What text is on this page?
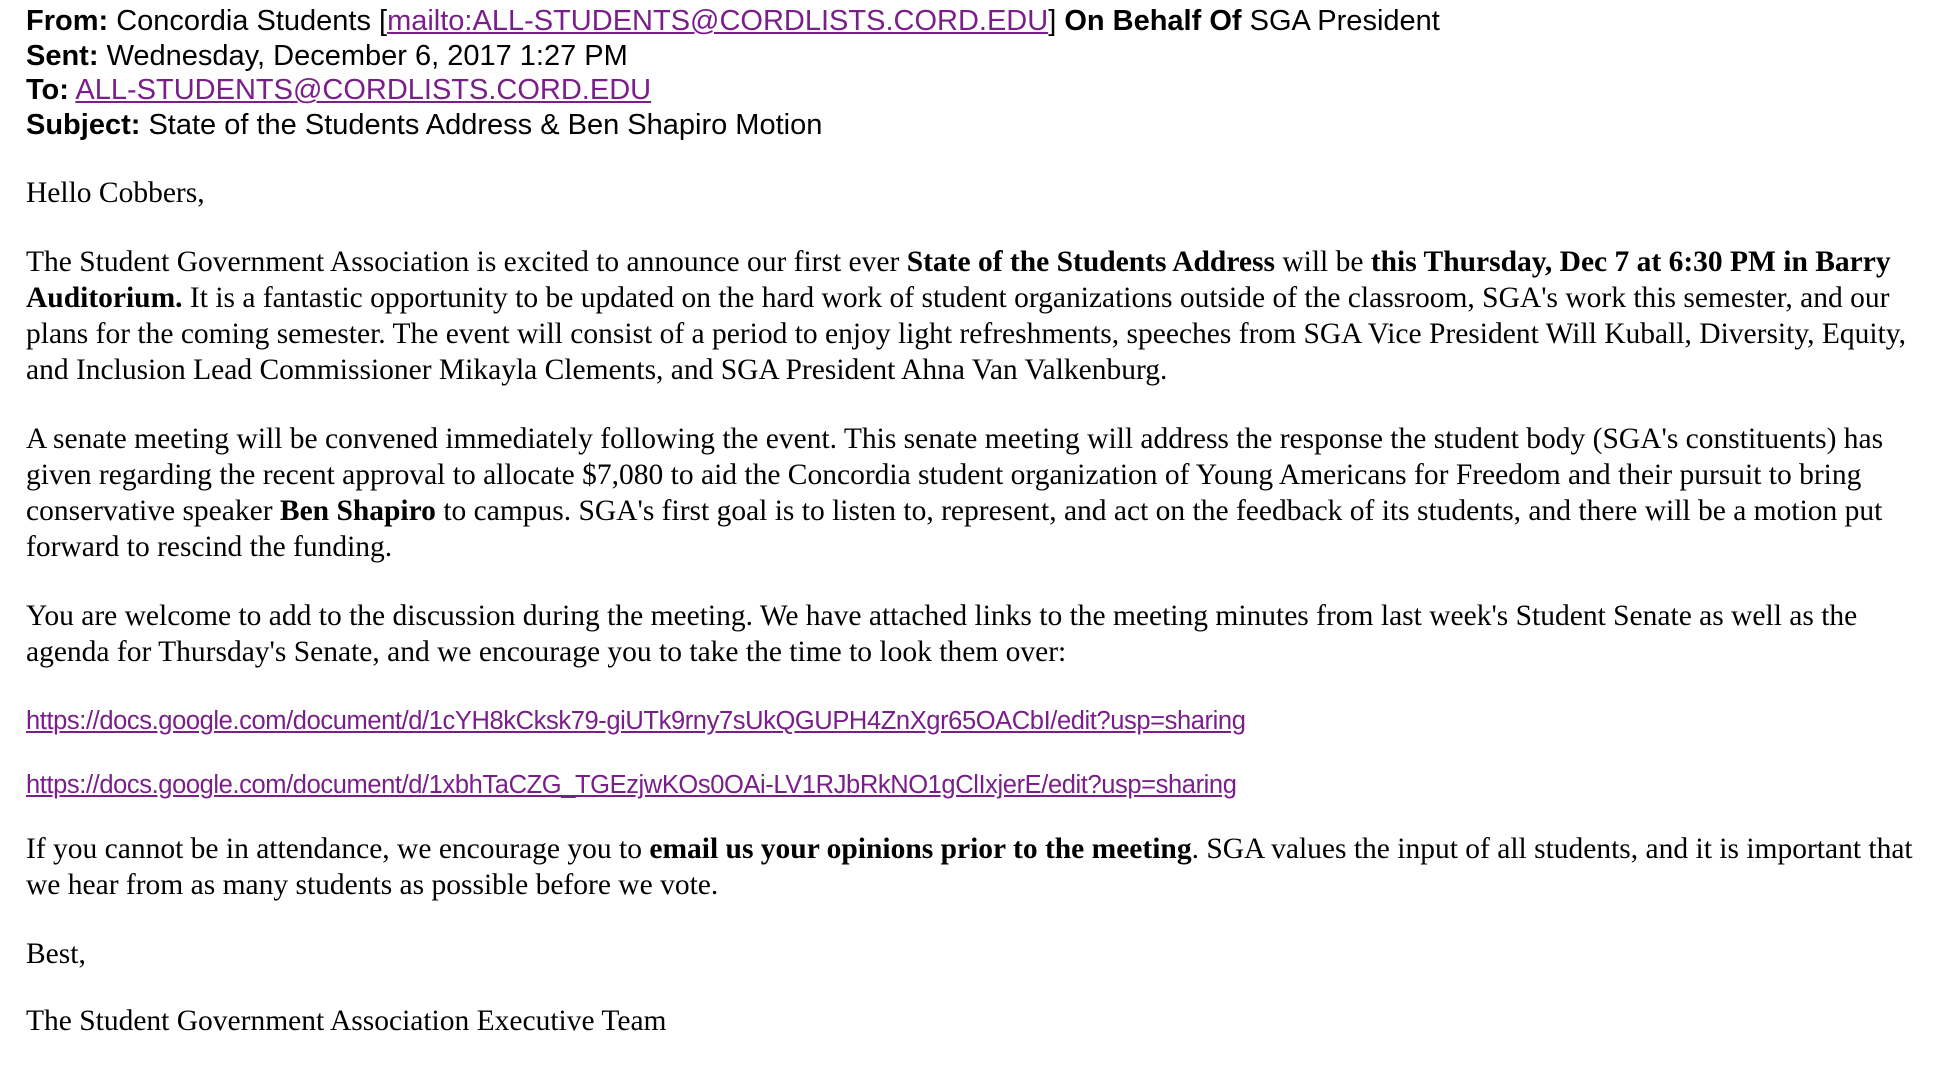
From: Concordia Students [mailto:ALL-STUDENTS@CORDLISTS.CORD.EDU] On Behalf Of SGA President
Sent: Wednesday, December 6, 2017 1:27 PM
To: ALL-STUDENTS@CORDLISTS.CORD.EDU
Subject: State of the Students Address & Ben Shapiro Motion

Hello Cobbers,

The Student Government Association is excited to announce our first ever State of the Students Address will be this Thursday, Dec 7 at 6:30 PM in Barry Auditorium. It is a fantastic opportunity to be updated on the hard work of student organizations outside of the classroom, SGA's work this semester, and our plans for the coming semester. The event will consist of a period to enjoy light refreshments, speeches from SGA Vice President Will Kuball, Diversity, Equity, and Inclusion Lead Commissioner Mikayla Clements, and SGA President Ahna Van Valkenburg.

A senate meeting will be convened immediately following the event. This senate meeting will address the response the student body (SGA's constituents) has given regarding the recent approval to allocate $7,080 to aid the Concordia student organization of Young Americans for Freedom and their pursuit to bring conservative speaker Ben Shapiro to campus. SGA's first goal is to listen to, represent, and act on the feedback of its students, and there will be a motion put forward to rescind the funding.

You are welcome to add to the discussion during the meeting. We have attached links to the meeting minutes from last week's Student Senate as well as the agenda for Thursday's Senate, and we encourage you to take the time to look them over:

https://docs.google.com/document/d/1cYH8kCksk79-giUTk9rny7sUkQGUPH4ZnXgr65OACbI/edit?usp=sharing

https://docs.google.com/document/d/1xbhTaCZG_TGEzjwKOs0OAi-LV1RJbRkNO1gClIxjerE/edit?usp=sharing

If you cannot be in attendance, we encourage you to email us your opinions prior to the meeting. SGA values the input of all students, and it is important that we hear from as many students as possible before we vote.

Best,

The Student Government Association Executive Team
